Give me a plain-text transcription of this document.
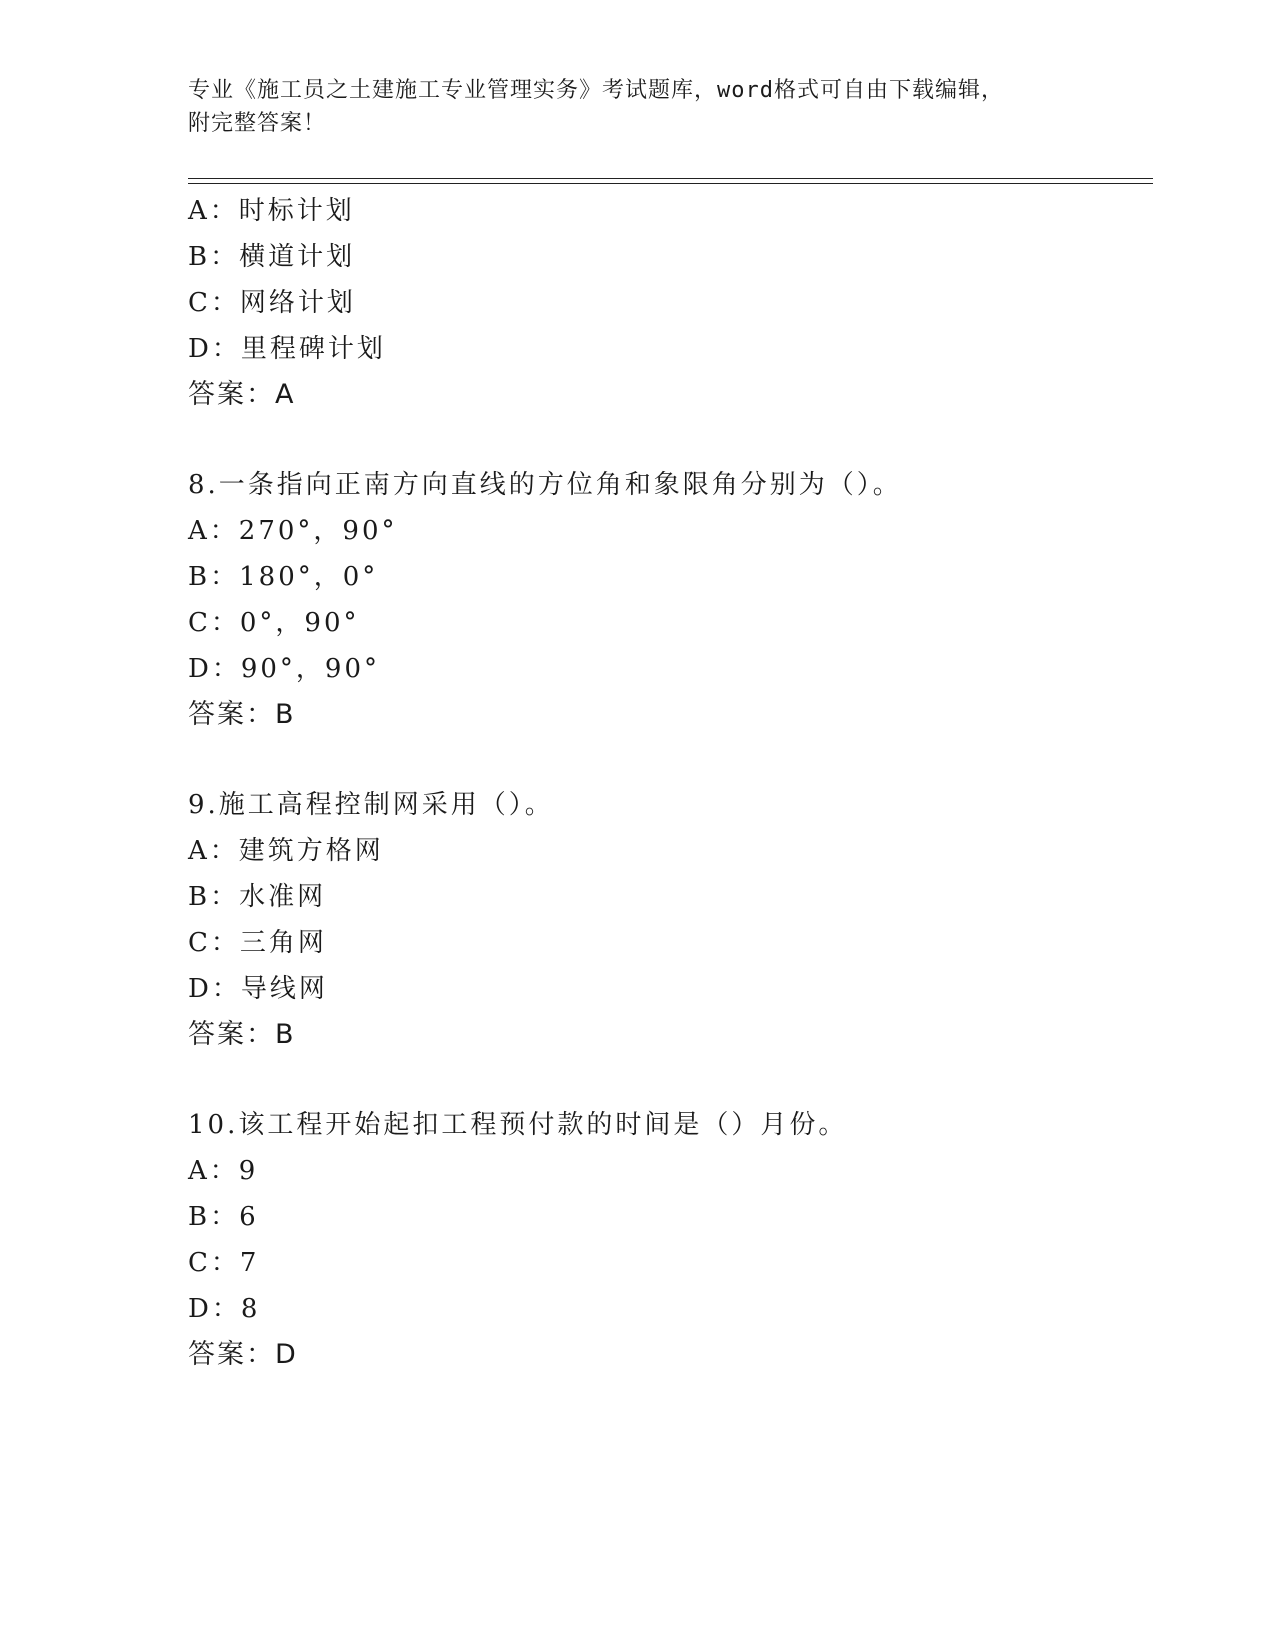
专业《施工员之土建施工专业管理实务》考试题库，word格式可自由下载编辑，
附完整答案！
A：时标计划
B：横道计划
C：网络计划
D：里程碑计划
答案：A
8.一条指向正南方向直线的方位角和象限角分别为（）。
A：270°，90°
B：180°，0°
C：0°，90°
D：90°，90°
答案：B
9.施工高程控制网采用（）。
A：建筑方格网
B：水准网
C：三角网
D：导线网
答案：B
10.该工程开始起扣工程预付款的时间是（）月份。
A：9
B：6
C：7
D：8
答案：D
